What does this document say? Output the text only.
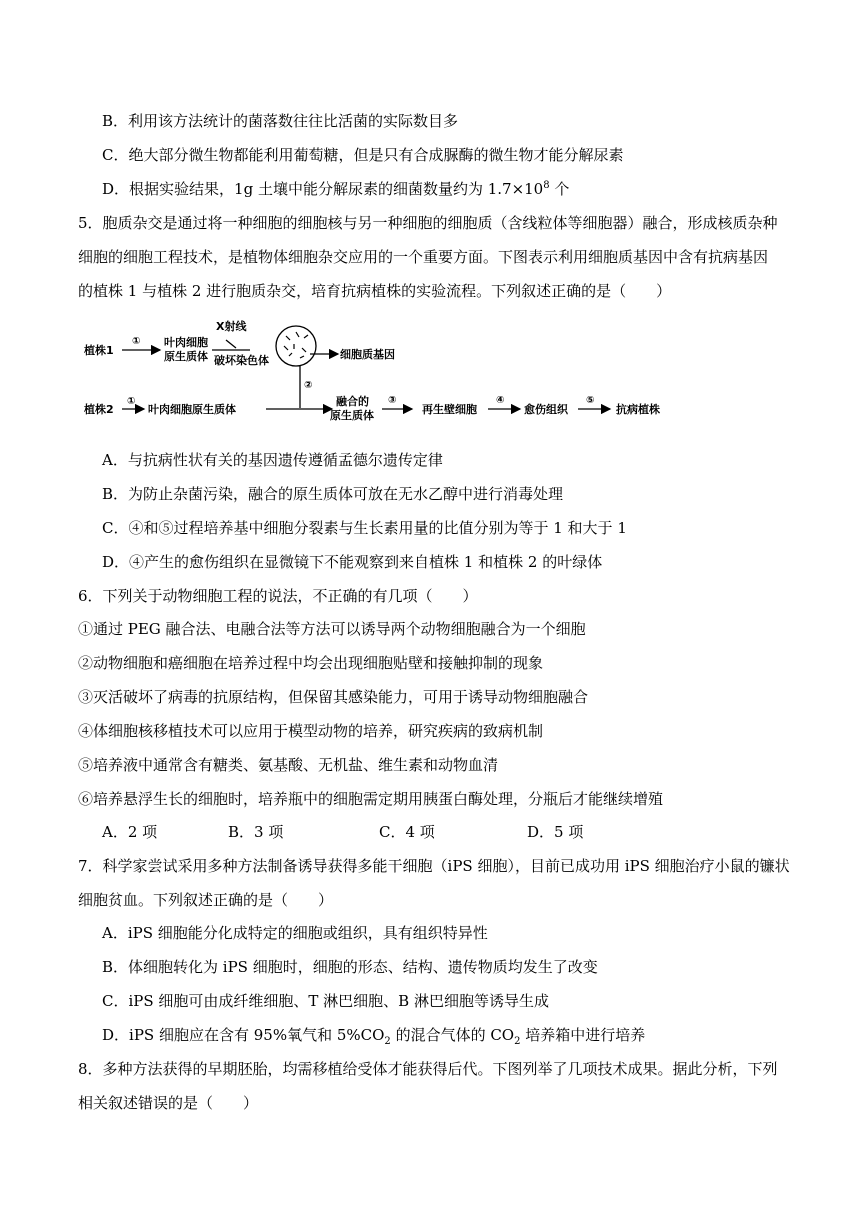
B．利用该方法统计的菌落数往往比活菌的实际数目多
C．绝大部分微生物都能利用葡萄糖，但是只有合成脲酶的微生物才能分解尿素
D．根据实验结果，1g 土壤中能分解尿素的细菌数量约为 $1.7\times 10^8$ 个
5．胞质杂交是通过将一种细胞的细胞核与另一种细胞的细胞质（含线粒体等细胞器）融合，形成核质杂种
细胞的细胞工程技术，是植物体细胞杂交应用的一个重要方面。下图表示利用细胞质基因中含有抗病基因
的植株 1 与植株 2 进行胞质杂交，培育抗病植株的实验流程。下列叙述正确的是（　　）
植株1
① 叶肉细胞
原生质体
X射线
破坏染色体	细胞质基因
②
植株2
①
叶肉细胞原生质体
融合的
原生质体
③
再生壁细胞
④
愈伤组织
⑤
抗病植株
A．与抗病性状有关的基因遗传遵循孟德尔遗传定律
B．为防止杂菌污染，融合的原生质体可放在无水乙醇中进行消毒处理
C．④和⑤过程培养基中细胞分裂素与生长素用量的比值分别为等于 1 和大于 1
D．④产生的愈伤组织在显微镜下不能观察到来自植株 1 和植株 2 的叶绿体
6．下列关于动物细胞工程的说法，不正确的有几项（　　）
①通过 PEG 融合法、电融合法等方法可以诱导两个动物细胞融合为一个细胞
②动物细胞和癌细胞在培养过程中均会出现细胞贴壁和接触抑制的现象
③灭活破坏了病毒的抗原结构，但保留其感染能力，可用于诱导动物细胞融合
④体细胞核移植技术可以应用于模型动物的培养，研究疾病的致病机制
⑤培养液中通常含有糖类、氨基酸、无机盐、维生素和动物血清
⑥培养悬浮生长的细胞时，培养瓶中的细胞需定期用胰蛋白酶处理，分瓶后才能继续增殖
A．2 项	B．3 项	C．4 项	D．5 项
7．科学家尝试采用多种方法制备诱导获得多能干细胞（iPS 细胞），目前已成功用 iPS 细胞治疗小鼠的镰状
细胞贫血。下列叙述正确的是（　　）
A．iPS 细胞能分化成特定的细胞或组织，具有组织特异性
B．体细胞转化为 iPS 细胞时，细胞的形态、结构、遗传物质均发生了改变
C．iPS 细胞可由成纤维细胞、T 淋巴细胞、B 淋巴细胞等诱导生成
D．iPS 细胞应在含有 95%氧气和 $5\%CO_2$ 的混合气体的 $CO_2$ 培养箱中进行培养
8．多种方法获得的早期胚胎，均需移植给受体才能获得后代。下图列举了几项技术成果。据此分析，下列
相关叙述错误的是（　　）
